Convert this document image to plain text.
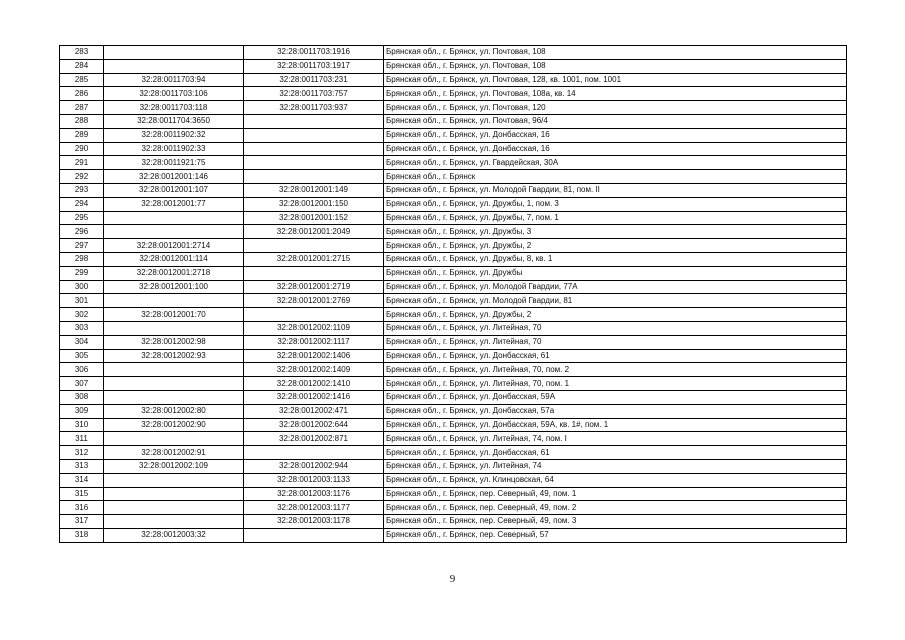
283		32:28:0011703:1916	Брянская обл., г. Брянск, ул. Почтовая, 108
284		32:28:0011703:1917	Брянская обл., г. Брянск, ул. Почтовая, 108
285	32:28:0011703:94	32:28:0011703:231	Брянская обл., г. Брянск, ул. Почтовая, 128, кв. 1001, пом. 1001
286	32:28:0011703:106	32:28:0011703:757	Брянская обл., г. Брянск, ул. Почтовая, 108а, кв. 14
287	32:28:0011703:118	32:28:0011703:937	Брянская обл., г. Брянск, ул. Почтовая, 120
288	32:28:0011704:3650		Брянская обл., г. Брянск, ул. Почтовая, 96/4
289	32:28:0011902:32		Брянская обл., г. Брянск, ул. Донбасская, 16
290	32:28:0011902:33		Брянская обл., г. Брянск, ул. Донбасская, 16
291	32:28:0011921:75		Брянская обл., г. Брянск, ул. Гвардейская, 30А
292	32:28:0012001:146		Брянская обл., г. Брянск
293	32:28:0012001:107	32:28:0012001:149	Брянская обл., г. Брянск, ул. Молодой Гвардии, 81, пом. II
294	32:28:0012001:77	32:28:0012001:150	Брянская обл., г. Брянск, ул. Дружбы, 1, пом. 3
295		32:28:0012001:152	Брянская обл., г. Брянск, ул. Дружбы, 7, пом. 1
296		32:28:0012001:2049	Брянская обл., г. Брянск, ул. Дружбы, 3
297	32:28:0012001:2714		Брянская обл., г. Брянск, ул. Дружбы, 2
298	32:28:0012001:114	32:28:0012001:2715	Брянская обл., г. Брянск, ул. Дружбы, 8, кв. 1
299	32:28:0012001:2718		Брянская обл., г. Брянск, ул. Дружбы
300	32:28:0012001:100	32:28:0012001:2719	Брянская обл., г. Брянск, ул. Молодой Гвардии, 77А
301		32:28:0012001:2769	Брянская обл., г. Брянск, ул. Молодой Гвардии, 81
302	32:28:0012001:70		Брянская обл., г. Брянск, ул. Дружбы, 2
303		32:28:0012002:1109	Брянская обл., г. Брянск, ул. Литейная, 70
304	32:28:0012002:98	32:28:0012002:1117	Брянская обл., г. Брянск, ул. Литейная, 70
305	32:28:0012002:93	32:28:0012002:1406	Брянская обл., г. Брянск, ул. Донбасская, 61
306		32:28:0012002:1409	Брянская обл., г. Брянск, ул. Литейная, 70, пом. 2
307		32:28:0012002:1410	Брянская обл., г. Брянск, ул. Литейная, 70, пом. 1
308		32:28:0012002:1416	Брянская обл., г. Брянск, ул. Донбасская, 59А
309	32:28:0012002:80	32:28:0012002:471	Брянская обл., г. Брянск, ул. Донбасская, 57а
310	32:28:0012002:90	32:28:0012002:644	Брянская обл., г. Брянск, ул. Донбасская, 59А, кв. 1#, пом. 1
311		32:28:0012002:871	Брянская обл., г. Брянск, ул. Литейная, 74, пом. I
312	32:28:0012002:91		Брянская обл., г. Брянск, ул. Донбасская, 61
313	32:28:0012002:109	32:28:0012002:944	Брянская обл., г. Брянск, ул. Литейная, 74
314		32:28:0012003:1133	Брянская обл., г. Брянск, ул. Клинцовская, 64
315		32:28:0012003:1176	Брянская обл., г. Брянск, пер. Северный, 49, пом. 1
316		32:28:0012003:1177	Брянская обл., г. Брянск, пер. Северный, 49, пом. 2
317		32:28:0012003:1178	Брянская обл., г. Брянск, пер. Северный, 49, пом. 3
318	32:28:0012003:32		Брянская обл., г. Брянск, пер. Северный, 57
9
